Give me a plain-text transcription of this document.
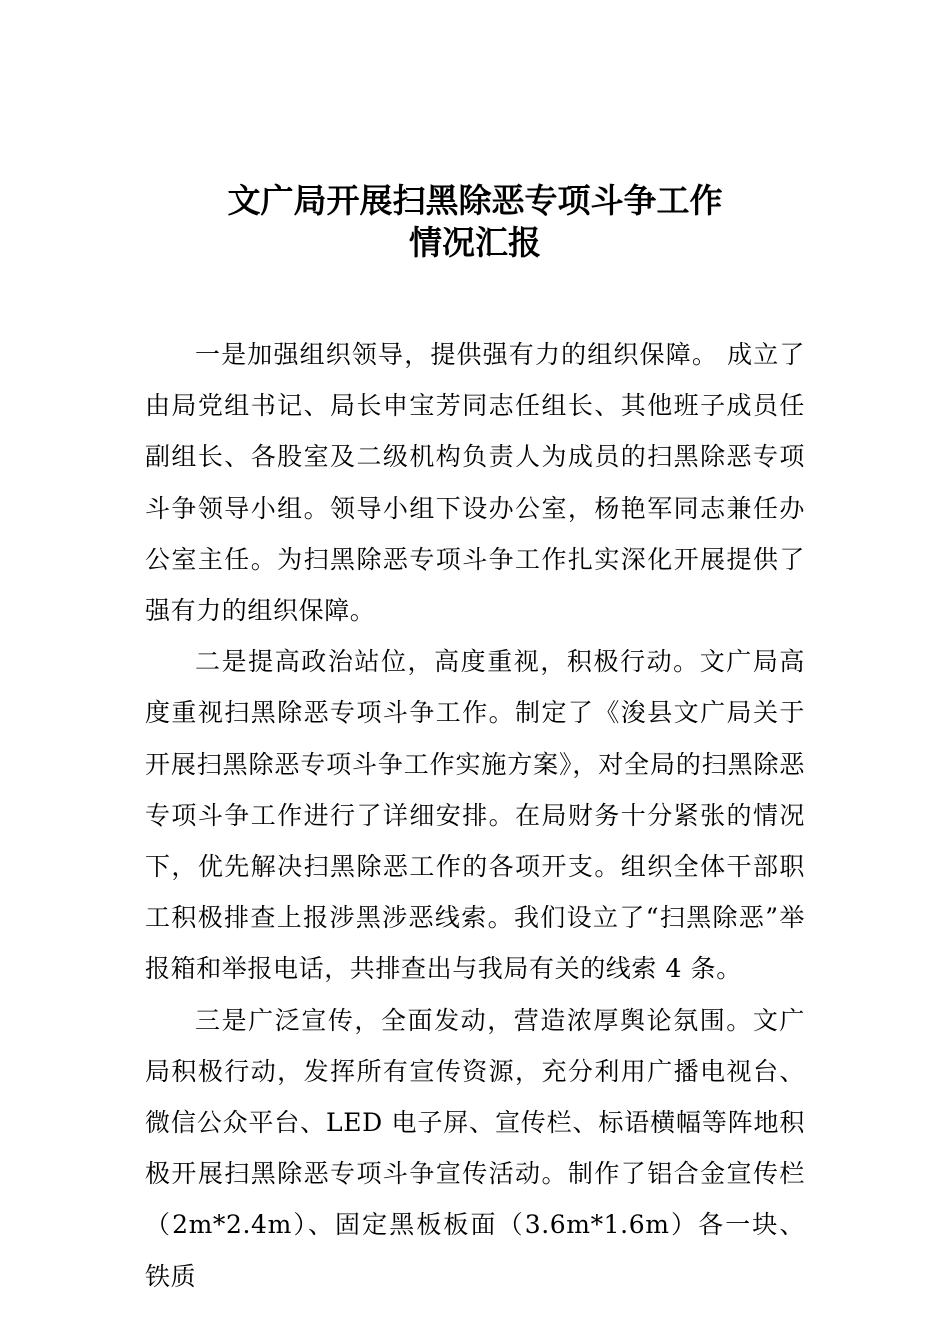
文广局开展扫黑除恶专项斗争工作
情况汇报

一是加强组织领导，提供强有力的组织保障。 成立了由局党组书记、局长申宝芳同志任组长、其他班子成员任副组长、各股室及二级机构负责人为成员的扫黑除恶专项斗争领导小组。领导小组下设办公室，杨艳军同志兼任办公室主任。为扫黑除恶专项斗争工作扎实深化开展提供了强有力的组织保障。

二是提高政治站位，高度重视，积极行动。文广局高度重视扫黑除恶专项斗争工作。制定了《浚县文广局关于开展扫黑除恶专项斗争工作实施方案》，对全局的扫黑除恶专项斗争工作进行了详细安排。在局财务十分紧张的情况下，优先解决扫黑除恶工作的各项开支。组织全体干部职工积极排查上报涉黑涉恶线索。我们设立了“扫黑除恶”举报箱和举报电话，共排查出与我局有关的线索 4 条。

三是广泛宣传，全面发动，营造浓厚舆论氛围。文广局积极行动，发挥所有宣传资源，充分利用广播电视台、微信公众平台、LED 电子屏、宣传栏、标语横幅等阵地积极开展扫黑除恶专项斗争宣传活动。制作了铝合金宣传栏（2m*2.4m）、固定黑板板面（3.6m*1.6m）各一块、铁质
